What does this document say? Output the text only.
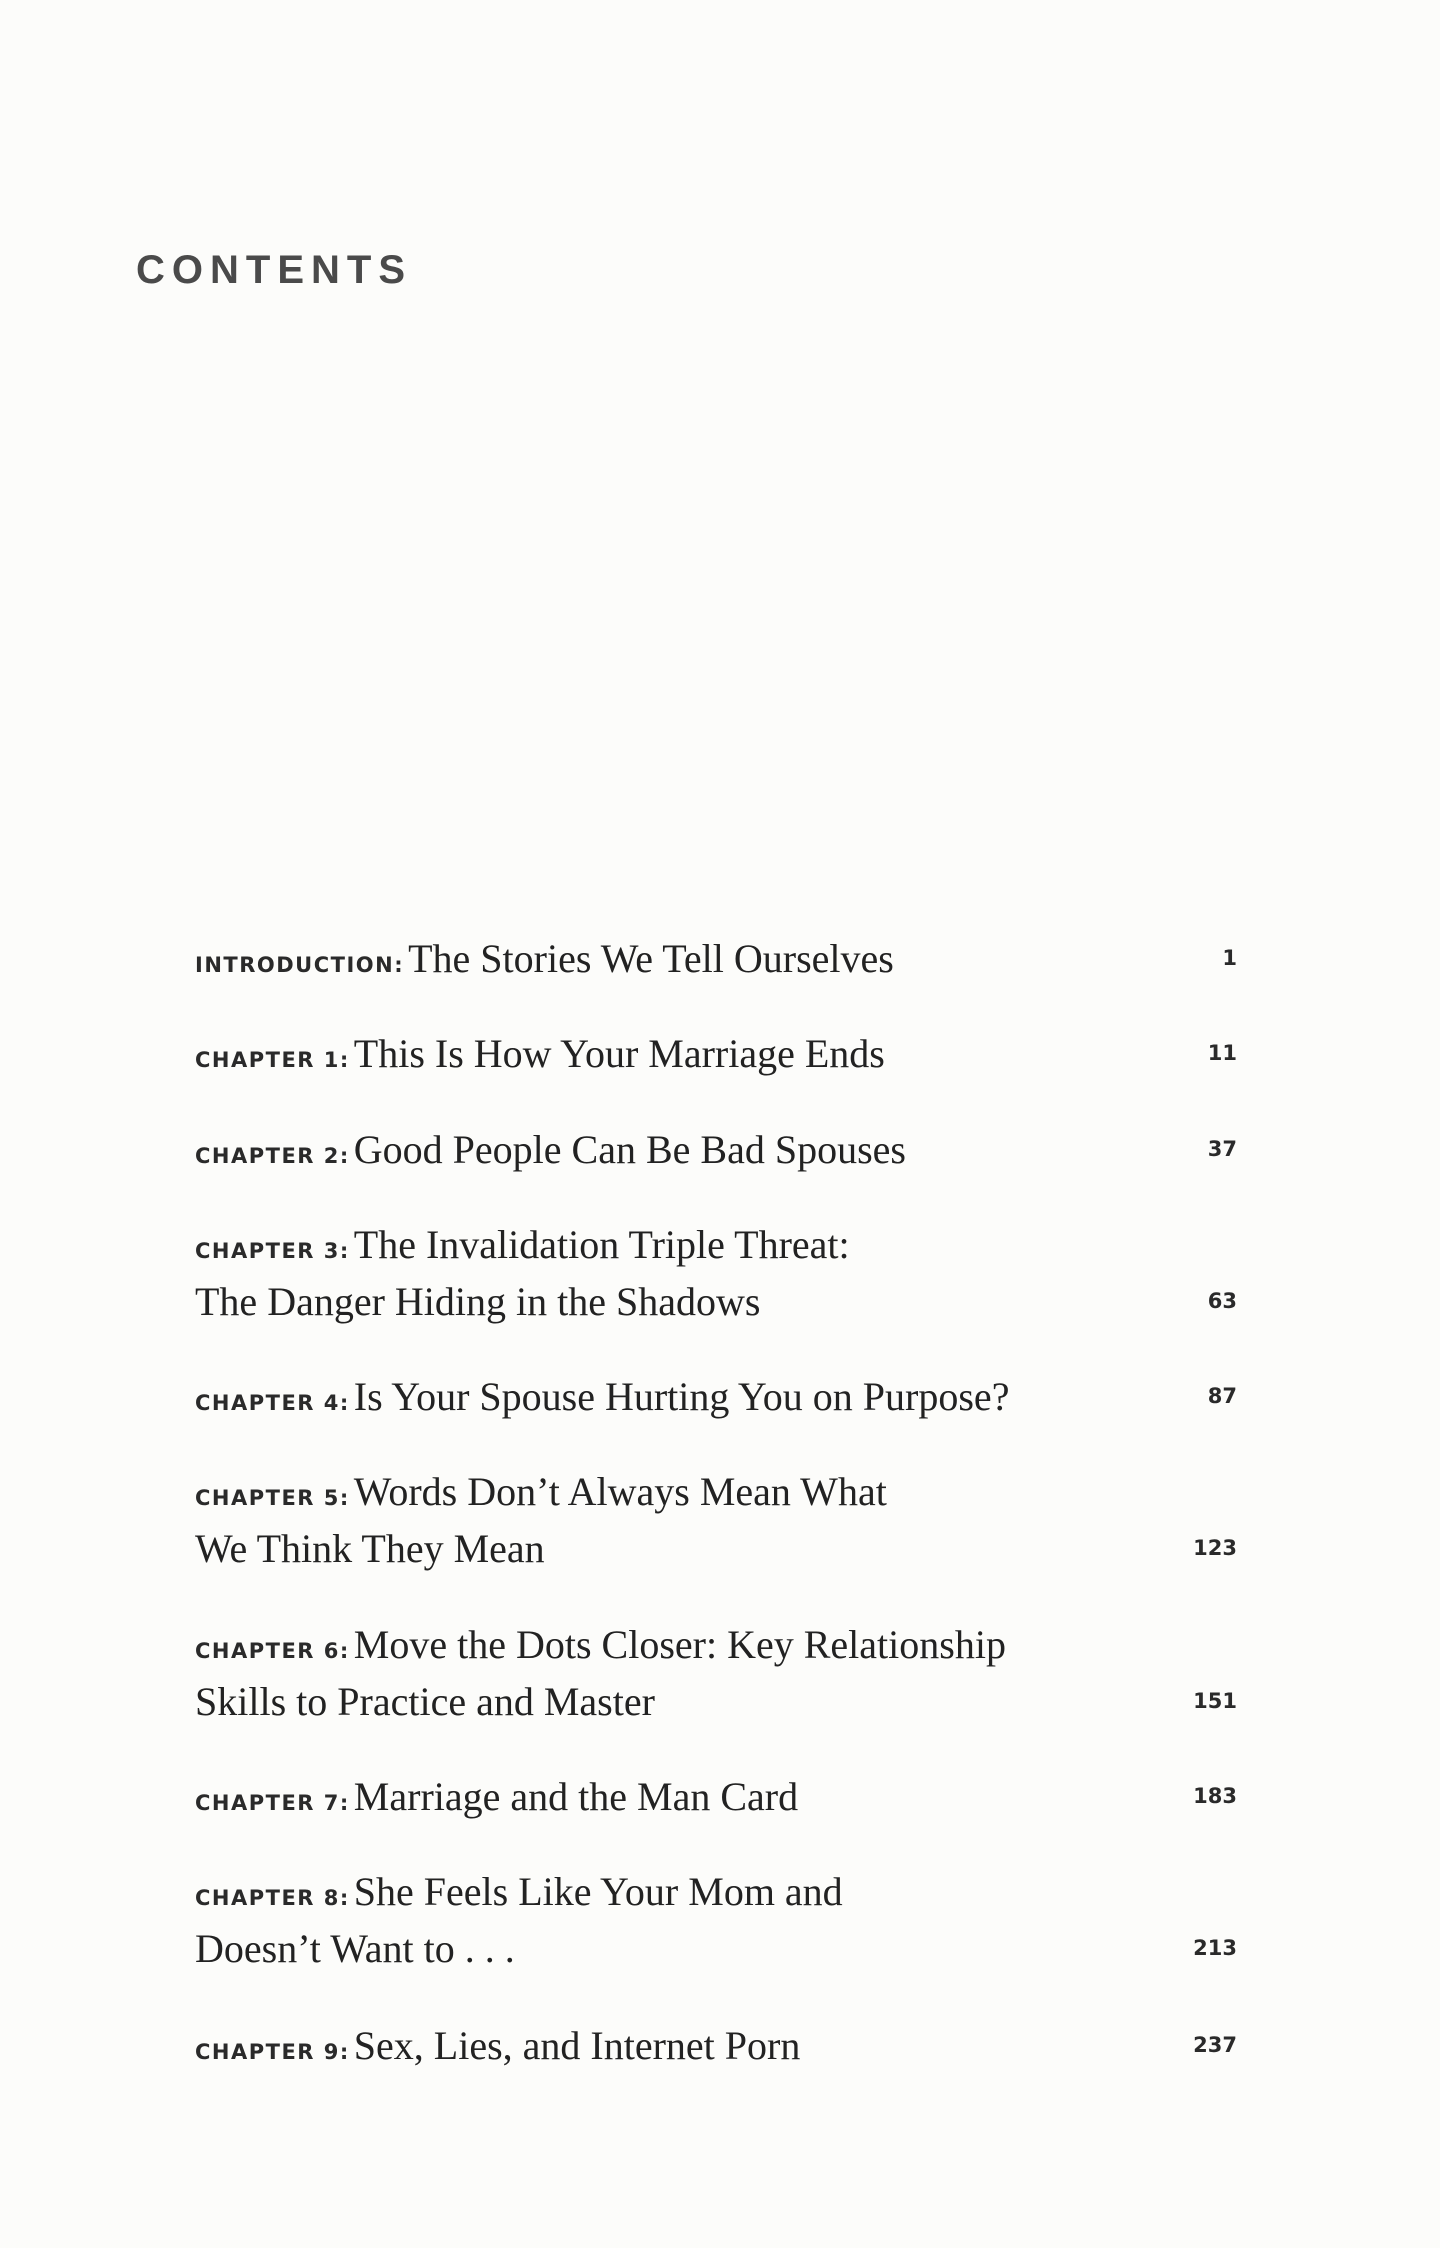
CONTENTS
INTRODUCTION: The Stories We Tell Ourselves	1
CHAPTER 1: This Is How Your Marriage Ends	11
CHAPTER 2: Good People Can Be Bad Spouses	37
CHAPTER 3: The Invalidation Triple Threat:
The Danger Hiding in the Shadows	63
CHAPTER 4: Is Your Spouse Hurting You on Purpose?	87
CHAPTER 5: Words Don’t Always Mean What
We Think They Mean	123
CHAPTER 6: Move the Dots Closer: Key Relationship
Skills to Practice and Master	151
CHAPTER 7: Marriage and the Man Card	183
CHAPTER 8: She Feels Like Your Mom and
Doesn’t Want to . . .	213
CHAPTER 9: Sex, Lies, and Internet Porn	237
